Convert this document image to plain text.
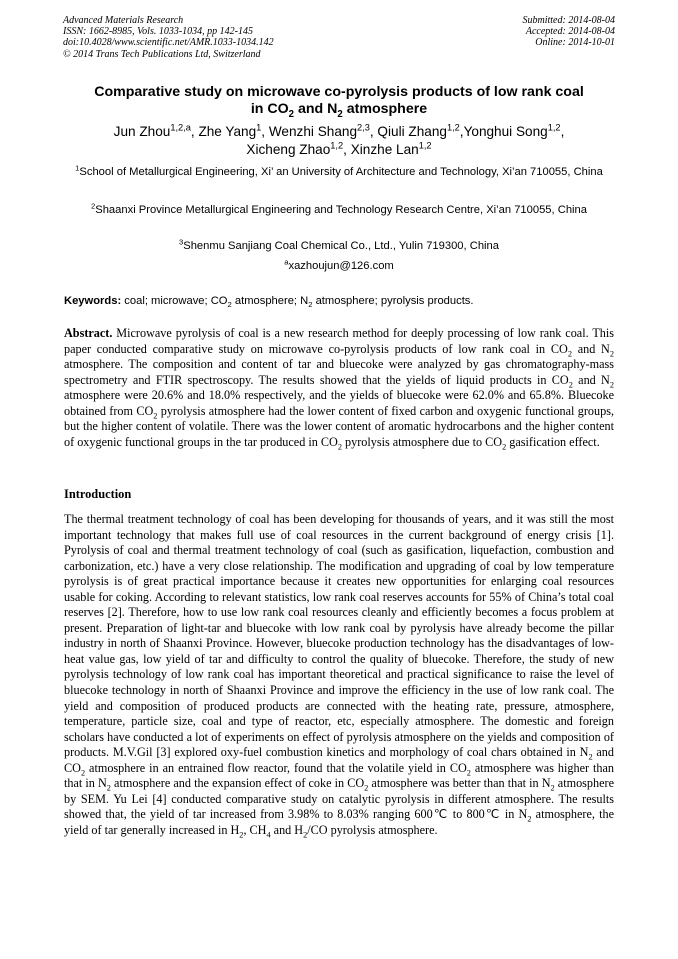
Advanced Materials Research
ISSN: 1662-8985, Vols. 1033-1034, pp 142-145
doi:10.4028/www.scientific.net/AMR.1033-1034.142
© 2014 Trans Tech Publications Ltd, Switzerland
Submitted: 2014-08-04
Accepted: 2014-08-04
Online: 2014-10-01
Comparative study on microwave co-pyrolysis products of low rank coal
in $CO_2$ and $N_2$ atmosphere
Jun Zhou$^{1,2,a}$, Zhe Yang$^1$, Wenzhi Shang$^{2,3}$, Qiuli Zhang$^{1,2}$,Yonghui Song$^{1,2}$,
Xicheng Zhao$^{1,2}$, Xinzhe Lan$^{1,2}$
$^1$School of Metallurgical Engineering, Xi’ an University of Architecture and Technology, Xi’an 710055, China
$^2$Shaanxi Province Metallurgical Engineering and Technology Research Centre, Xi’an 710055, China
$^3$Shenmu Sanjiang Coal Chemical Co., Ltd., Yulin 719300, China
$^a$xazhoujun@126.com
Keywords: coal; microwave; $CO_2$ atmosphere; $N_2$ atmosphere; pyrolysis products.
Abstract. Microwave pyrolysis of coal is a new research method for deeply processing of low rank coal. This paper conducted comparative study on microwave co-pyrolysis products of low rank coal in $CO_2$ and $N_2$ atmosphere. The composition and content of tar and bluecoke were analyzed by gas chromatography-mass spectrometry and FTIR spectroscopy. The results showed that the yields of liquid products in $CO_2$ and $N_2$ atmosphere were 20.6% and 18.0% respectively, and the yields of bluecoke were 62.0% and 65.8%. Bluecoke obtained from $CO_2$ pyrolysis atmosphere had the lower content of fixed carbon and oxygenic functional groups, but the higher content of volatile. There was the lower content of aromatic hydrocarbons and the higher content of oxygenic functional groups in the tar produced in $CO_2$ pyrolysis atmosphere due to $CO_2$ gasification effect.
Introduction
The thermal treatment technology of coal has been developing for thousands of years, and it was still the most important technology that makes full use of coal resources in the current background of energy crisis [1]. Pyrolysis of coal and thermal treatment technology of coal (such as gasification, liquefaction, combustion and carbonization, etc.) have a very close relationship. The modification and upgrading of coal by low temperature pyrolysis is of great practical importance because it creates new opportunities for enlarging coal resources usable for coking. According to relevant statistics, low rank coal reserves accounts for 55% of China’s total coal reserves [2]. Therefore, how to use low rank coal resources cleanly and efficiently becomes a focus problem at present. Preparation of light-tar and bluecoke with low rank coal by pyrolysis have already become the pillar industry in north of Shaanxi Province. However, bluecoke production technology has the disadvantages of low-heat value gas, low yield of tar and difficulty to control the quality of bluecoke. Therefore, the study of new pyrolysis technology of low rank coal has important theoretical and practical significance to raise the level of bluecoke technology in north of Shaanxi Province and improve the efficiency in the use of low rank coal. The yield and composition of produced products are connected with the heating rate, pressure, atmosphere, temperature, particle size, coal and type of reactor, etc, especially atmosphere. The domestic and foreign scholars have conducted a lot of experiments on effect of pyrolysis atmosphere on the yields and composition of products. M.V.Gil [3] explored oxy-fuel combustion kinetics and morphology of coal chars obtained in $N_2$ and $CO_2$ atmosphere in an entrained flow reactor, found that the volatile yield in $CO_2$ atmosphere was higher than that in $N_2$ atmosphere and the expansion effect of coke in $CO_2$ atmosphere was better than that in $N_2$ atmosphere by SEM. Yu Lei [4] conducted comparative study on catalytic pyrolysis in different atmosphere. The results showed that, the yield of tar increased from 3.98% to 8.03% ranging 600℃ to 800℃ in $N_2$ atmosphere, the yield of tar generally increased in $H_2$, $CH_4$ and $H_2/CO$ pyrolysis atmosphere.
